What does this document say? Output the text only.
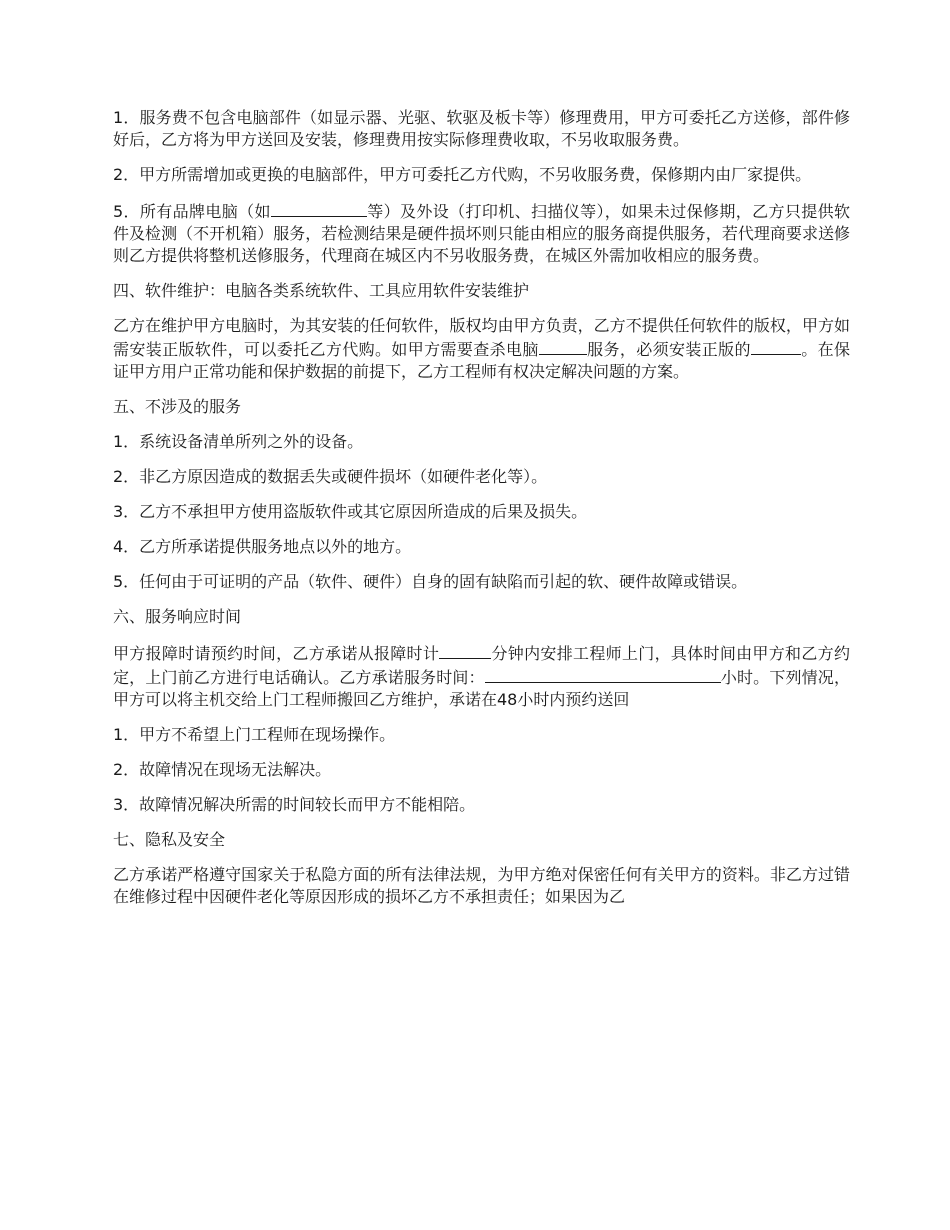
1．服务费不包含电脑部件（如显示器、光驱、软驱及板卡等）修理费用，甲方可委托乙方送修，部件修好后，乙方将为甲方送回及安装，修理费用按实际修理费收取，不另收取服务费。

2．甲方所需增加或更换的电脑部件，甲方可委托乙方代购，不另收服务费，保修期内由厂家提供。

5．所有品牌电脑（如	等）及外设（打印机、扫描仪等），如果未过保修期，乙方只提供软件及检测（不开机箱）服务，若检测结果是硬件损坏则只能由相应的服务商提供服务，若代理商要求送修则乙方提供将整机送修服务，代理商在城区内不另收服务费，在城区外需加收相应的服务费。

四、软件维护：电脑各类系统软件、工具应用软件安装维护

乙方在维护甲方电脑时，为其安装的任何软件，版权均由甲方负责，乙方不提供任何软件的版权，甲方如需安装正版软件，可以委托乙方代购。如甲方需要查杀电脑	服务，必须安装正版的	。在保证甲方用户正常功能和保护数据的前提下，乙方工程师有权决定解决问题的方案。

五、不涉及的服务

1．系统设备清单所列之外的设备。

2．非乙方原因造成的数据丢失或硬件损坏（如硬件老化等）。

3．乙方不承担甲方使用盗版软件或其它原因所造成的后果及损失。

4．乙方所承诺提供服务地点以外的地方。

5．任何由于可证明的产品（软件、硬件）自身的固有缺陷而引起的软、硬件故障或错误。

六、服务响应时间

甲方报障时请预约时间，乙方承诺从报障时计	分钟内安排工程师上门，具体时间由甲方和乙方约定，上门前乙方进行电话确认。乙方承诺服务时间：	小时。下列情况，甲方可以将主机交给上门工程师搬回乙方维护，承诺在48小时内预约送回

1．甲方不希望上门工程师在现场操作。

2．故障情况在现场无法解决。

3．故障情况解决所需的时间较长而甲方不能相陪。

七、隐私及安全

乙方承诺严格遵守国家关于私隐方面的所有法律法规，为甲方绝对保密任何有关甲方的资料。非乙方过错在维修过程中因硬件老化等原因形成的损坏乙方不承担责任；如果因为乙
